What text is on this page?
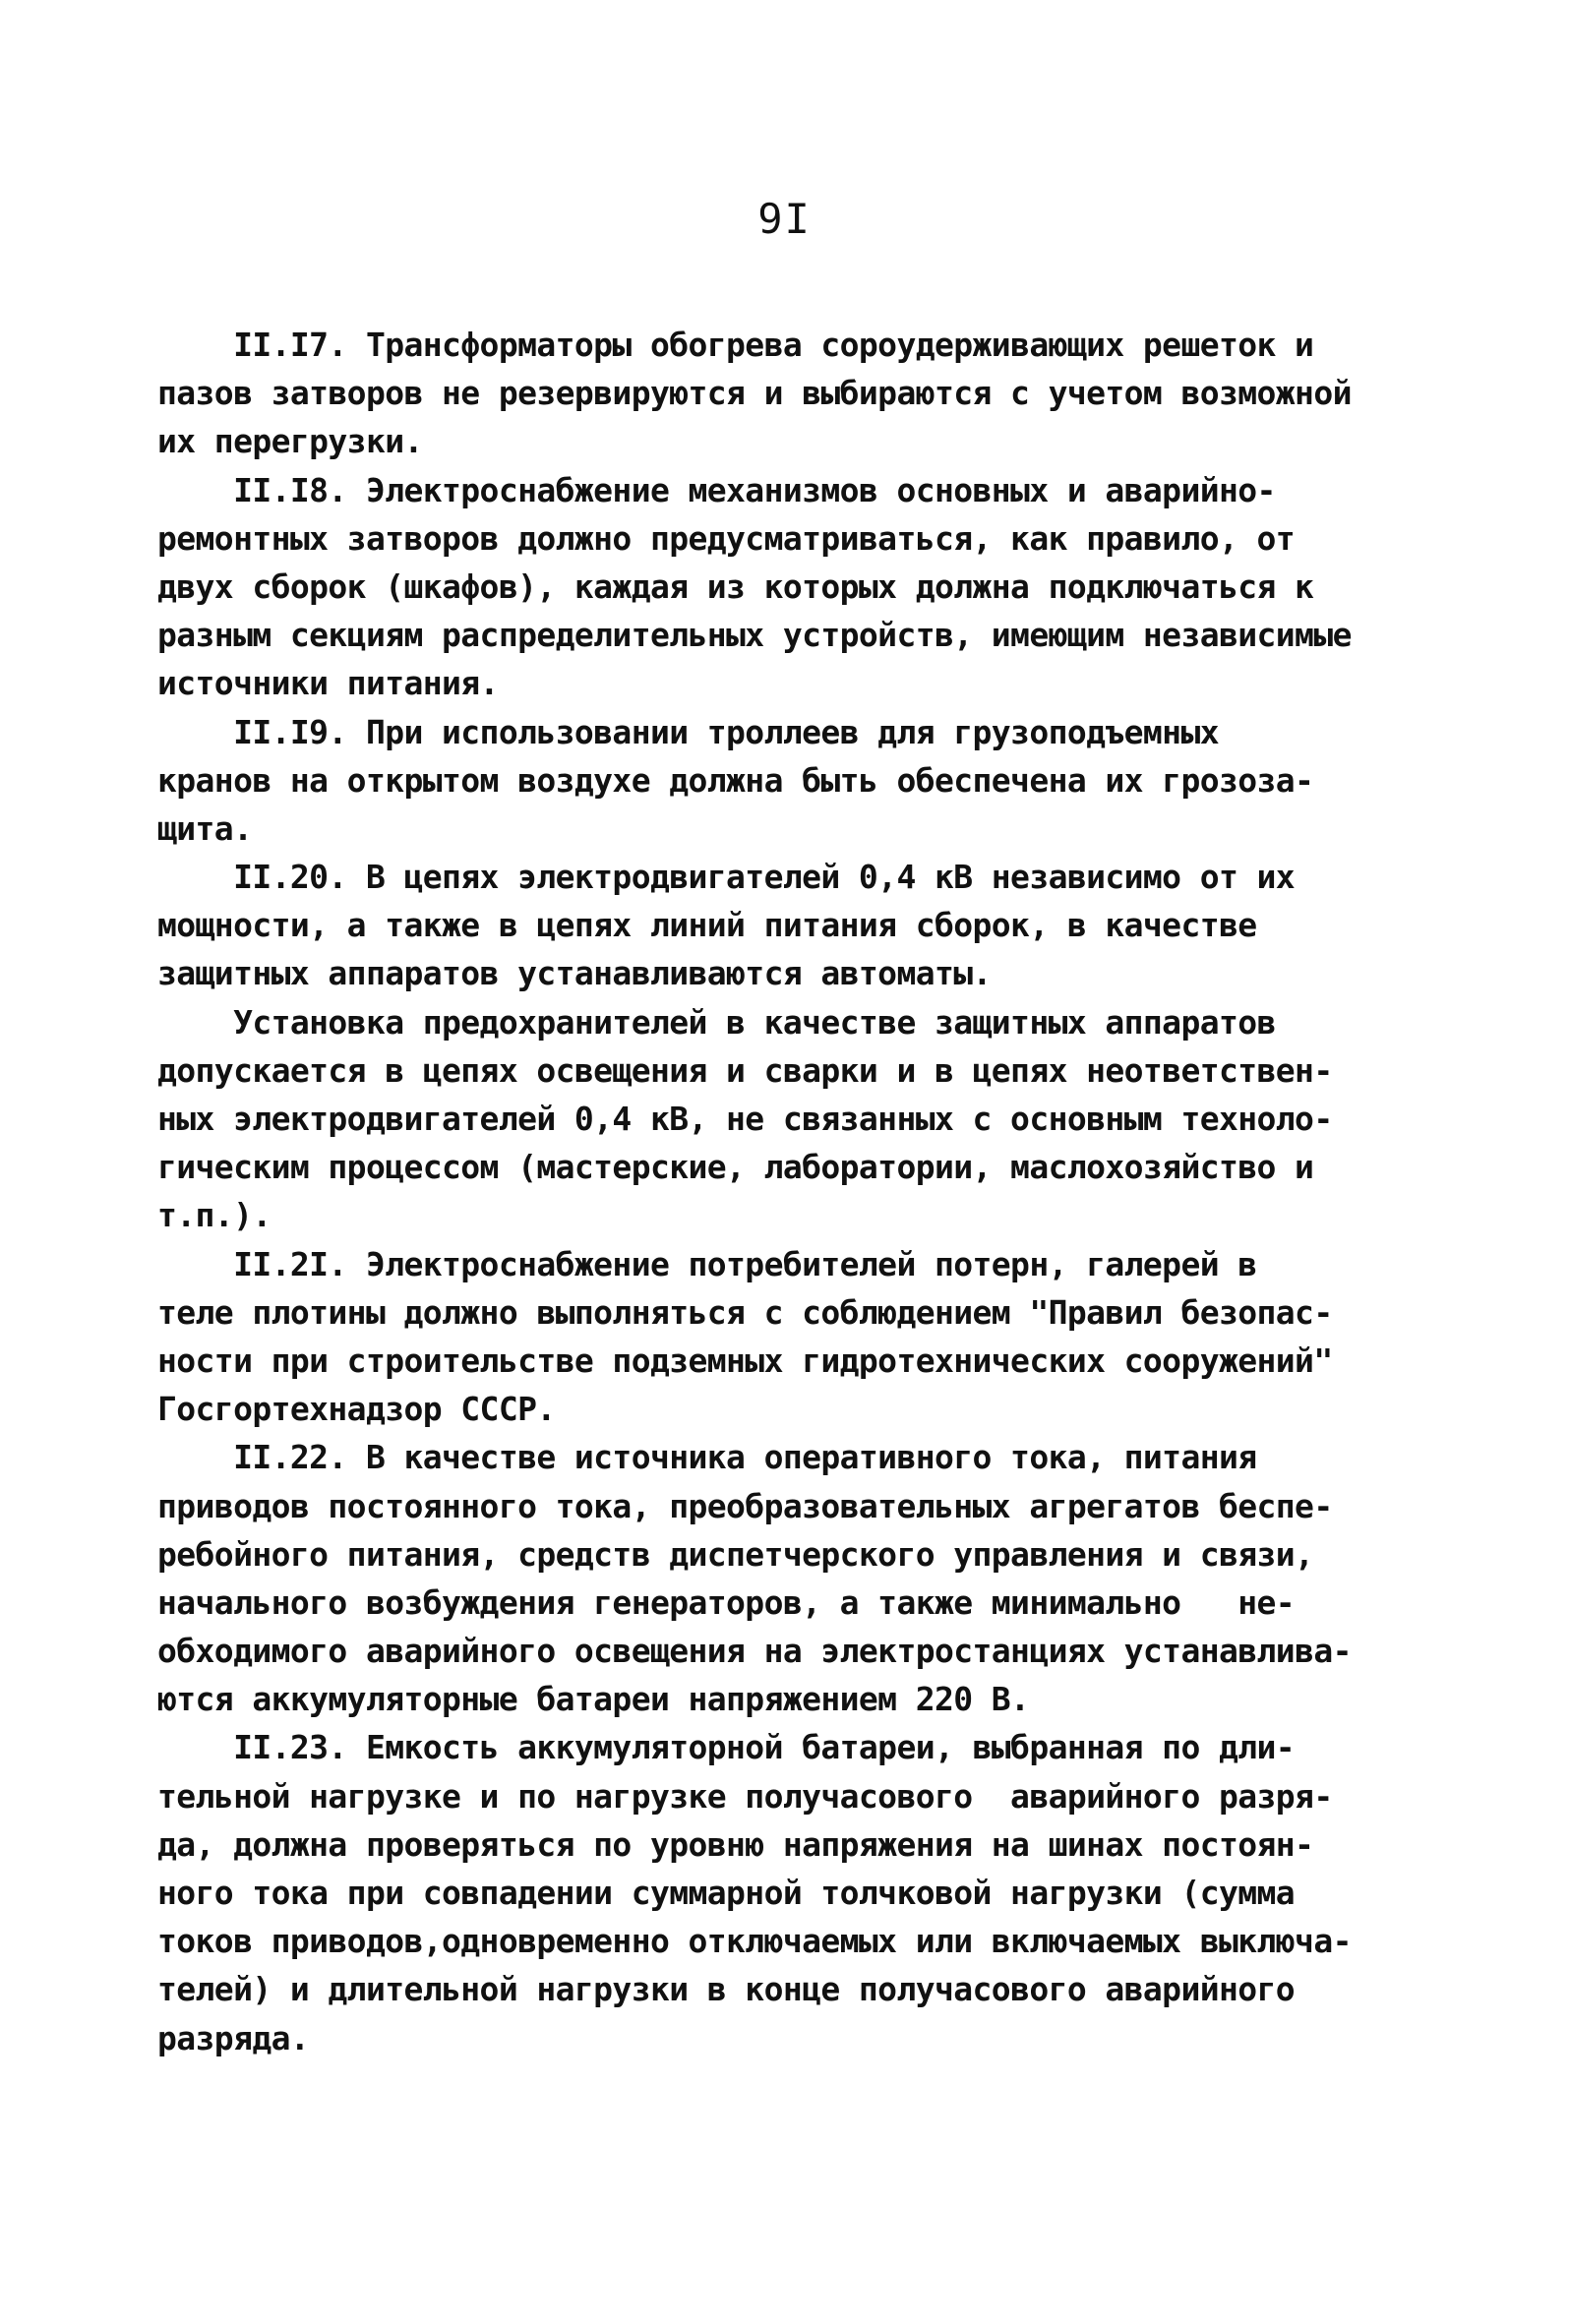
9I
II.I7. Трансформаторы обогрева сороудерживающих решеток и
пазов затворов не резервируются и выбираются с учетом возможной
их перегрузки.
II.I8. Электроснабжение механизмов основных и аварийно-
ремонтных затворов должно предусматриваться, как правило, от
двух сборок (шкафов), каждая из которых должна подключаться к
разным секциям распределительных устройств, имеющим независимые
источники питания.
II.I9. При использовании троллеев для грузоподъемных
кранов на открытом воздухе должна быть обеспечена их грозоза-
щита.
II.20. В цепях электродвигателей 0,4 кВ независимо от их
мощности, а также в цепях линий питания сборок, в качестве
защитных аппаратов устанавливаются автоматы.
Установка предохранителей в качестве защитных аппаратов
допускается в цепях освещения и сварки и в цепях неответствен-
ных электродвигателей 0,4 кВ, не связанных с основным техноло-
гическим процессом (мастерские, лаборатории, маслохозяйство и
т.п.).
II.2I. Электроснабжение потребителей потерн, галерей в
теле плотины должно выполняться с соблюдением "Правил безопас-
ности при строительстве подземных гидротехнических сооружений"
Госгортехнадзор СССР.
II.22. В качестве источника оперативного тока, питания
приводов постоянного тока, преобразовательных агрегатов беспе-
ребойного питания, средств диспетчерского управления и связи,
начального возбуждения генераторов, а также минимально   не-
обходимого аварийного освещения на электростанциях устанавлива-
ются аккумуляторные батареи напряжением 220 В.
II.23. Емкость аккумуляторной батареи, выбранная по дли-
тельной нагрузке и по нагрузке получасового  аварийного разря-
да, должна проверяться по уровню напряжения на шинах постоян-
ного тока при совпадении суммарной толчковой нагрузки (сумма
токов приводов,одновременно отключаемых или включаемых выключа-
телей) и длительной нагрузки в конце получасового аварийного
разряда.
